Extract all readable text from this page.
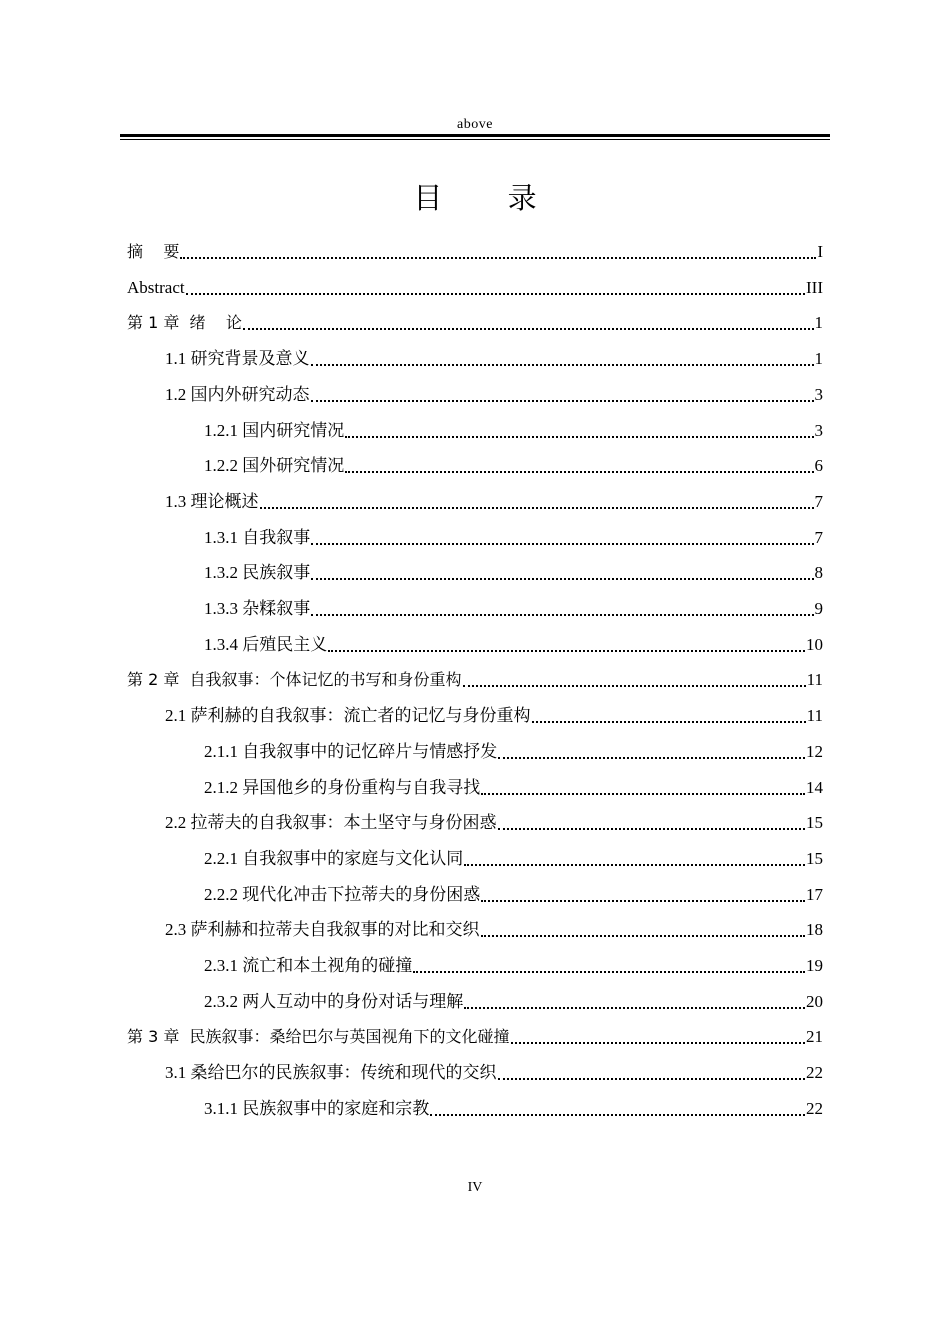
above
目 录
摘    要	I
Abstract	III
第 1 章  绪    论	1
1.1 研究背景及意义	1
1.2 国内外研究动态	3
1.2.1 国内研究情况	3
1.2.2 国外研究情况	6
1.3 理论概述	7
1.3.1 自我叙事	7
1.3.2 民族叙事	8
1.3.3 杂糅叙事	9
1.3.4 后殖民主义	10
第 2 章  自我叙事：个体记忆的书写和身份重构	11
2.1 萨利赫的自我叙事：流亡者的记忆与身份重构	11
2.1.1 自我叙事中的记忆碎片与情感抒发	12
2.1.2 异国他乡的身份重构与自我寻找	14
2.2 拉蒂夫的自我叙事：本土坚守与身份困惑	15
2.2.1 自我叙事中的家庭与文化认同	15
2.2.2 现代化冲击下拉蒂夫的身份困惑	17
2.3 萨利赫和拉蒂夫自我叙事的对比和交织	18
2.3.1 流亡和本土视角的碰撞	19
2.3.2 两人互动中的身份对话与理解	20
第 3 章  民族叙事：桑给巴尔与英国视角下的文化碰撞	21
3.1 桑给巴尔的民族叙事：传统和现代的交织	22
3.1.1 民族叙事中的家庭和宗教	22
IV
